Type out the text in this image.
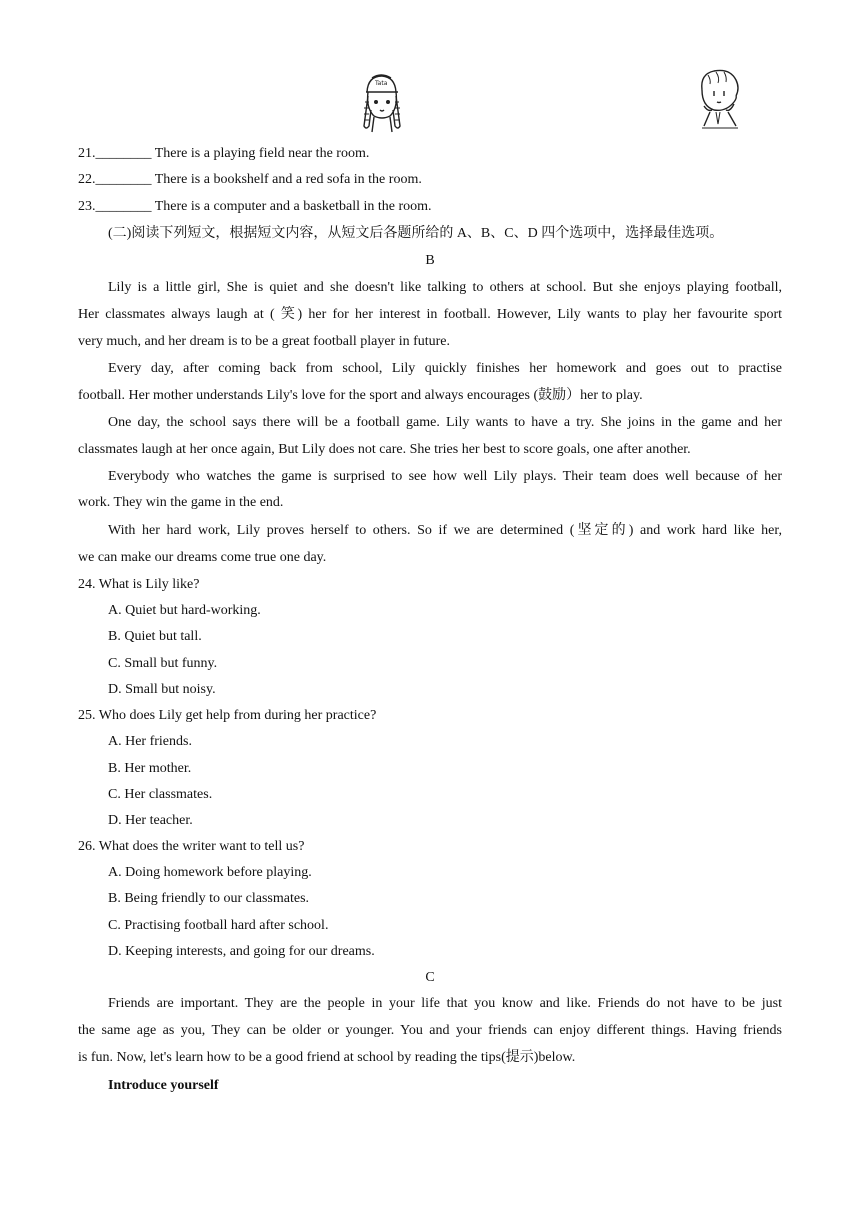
Tata
21.________ There is a playing field near the room.
22.________ There is a bookshelf and a red sofa in the room.
23.________ There is a computer and a basketball in the room.
(二)阅读下列短文，根据短文内容，从短文后各题所给的 A、B、C、D 四个选项中，选择最佳选项。
B
Lily is a little girl, She is quiet and she doesn't like talking to others at school. But she enjoys playing football,
Her classmates always laugh at ( 笑) her for her interest in football. However, Lily wants to play her favourite sport
very much, and her dream is to be a great football player in future.
Every day, after coming back from school, Lily quickly finishes her homework and goes out to practise
football. Her mother understands Lily's love for the sport and always encourages (鼓励）her to play.
One day, the school says there will be a football game. Lily wants to have a try. She joins in the game and her
classmates laugh at her once again, But Lily does not care. She tries her best to score goals, one after another.
Everybody who watches the game is surprised to see how well Lily plays. Their team does well because of her
work. They win the game in the end.
With her hard work, Lily proves herself to others. So if we are determined (坚定的) and work hard like her,
we can make our dreams come true one day.
24. What is Lily like?
A. Quiet but hard-working.
B. Quiet but tall.
C. Small but funny.
D. Small but noisy.
25. Who does Lily get help from during her practice?
A. Her friends.
B. Her mother.
C. Her classmates.
D. Her teacher.
26. What does the writer want to tell us?
A. Doing homework before playing.
B. Being friendly to our classmates.
C. Practising football hard after school.
D. Keeping interests, and going for our dreams.
C
Friends are important. They are the people in your life that you know and like. Friends do not have to be just
the same age as you, They can be older or younger. You and your friends can enjoy different things. Having friends
is fun. Now, let's learn how to be a good friend at school by reading the tips(提示)below.
Introduce yourself
